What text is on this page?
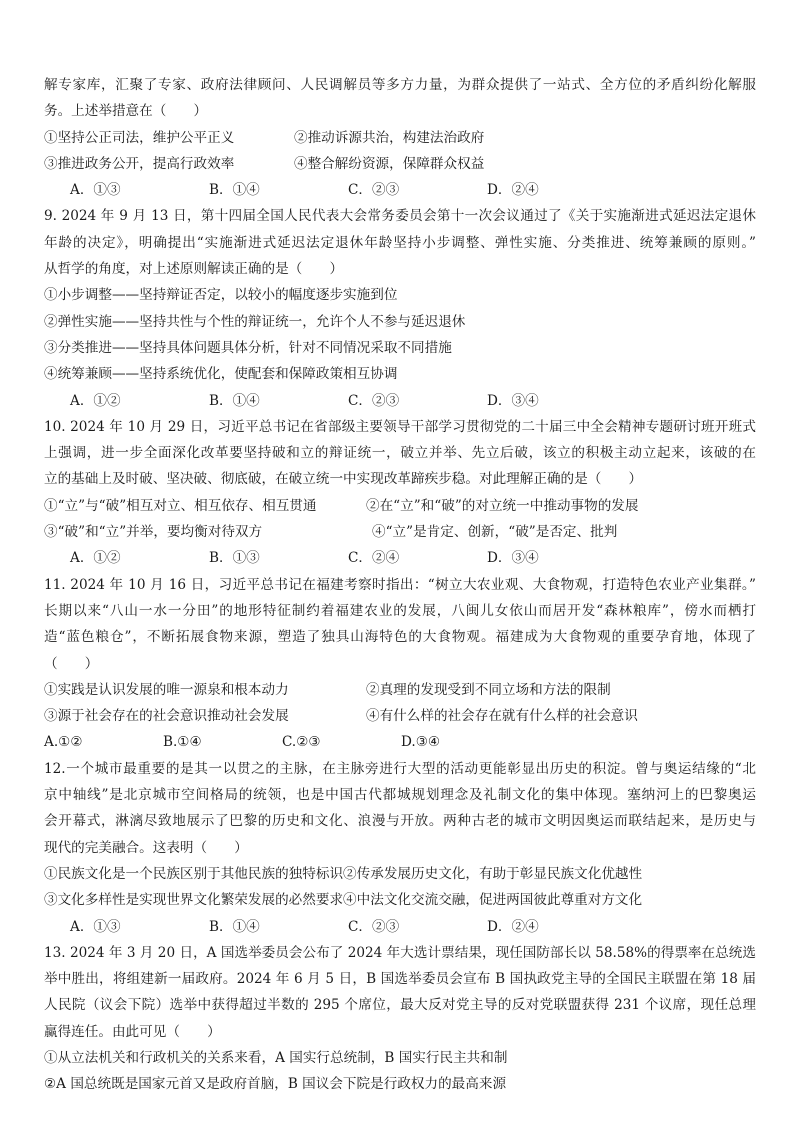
解专家库，汇聚了专家、政府法律顾问、人民调解员等多方力量，为群众提供了一站式、全方位的矛盾纠纷化解服
务。上述举措意在（　　）
①坚持公正司法，维护公平正义	②推动诉源共治，构建法治政府
③推进政务公开，提高行政效率	④整合解纷资源，保障群众权益
A．①③	B．①④	C．②③	D．②④
9. 2024 年 9 月 13 日，第十四届全国人民代表大会常务委员会第十一次会议通过了《关于实施渐进式延迟法定退休
年龄的决定》，明确提出“实施渐进式延迟法定退休年龄坚持小步调整、弹性实施、分类推进、统筹兼顾的原则。”
从哲学的角度，对上述原则解读正确的是（　　）
①小步调整——坚持辩证否定，以较小的幅度逐步实施到位
②弹性实施——坚持共性与个性的辩证统一，允许个人不参与延迟退休
③分类推进——坚持具体问题具体分析，针对不同情况采取不同措施
④统筹兼顾——坚持系统优化，使配套和保障政策相互协调
A．①②	B．①④	C．②③	D．③④
10. 2024 年 10 月 29 日，习近平总书记在省部级主要领导干部学习贯彻党的二十届三中全会精神专题研讨班开班式
上强调，进一步全面深化改革要坚持破和立的辩证统一，破立并举、先立后破，该立的积极主动立起来，该破的在
立的基础上及时破、坚决破、彻底破，在破立统一中实现改革蹄疾步稳。对此理解正确的是（　　）
①“立”与“破”相互对立、相互依存、相互贯通	②在“立”和“破”的对立统一中推动事物的发展
③“破”和“立”并举，要均衡对待双方	④“立”是肯定、创新，“破”是否定、批判
A．①②	B．①③	C．②④	D．③④
11. 2024 年 10 月 16 日，习近平总书记在福建考察时指出：“树立大农业观、大食物观，打造特色农业产业集群。”
长期以来“八山一水一分田”的地形特征制约着福建农业的发展，八闽儿女依山而居开发“森林粮库”，傍水而栖打
造“蓝色粮仓”，不断拓展食物来源，塑造了独具山海特色的大食物观。福建成为大食物观的重要孕育地，体现了
（　　）
①实践是认识发展的唯一源泉和根本动力	②真理的发现受到不同立场和方法的限制
③源于社会存在的社会意识推动社会发展	④有什么样的社会存在就有什么样的社会意识
A.①②	B.①④	C.②③	D.③④
12.一个城市最重要的是其一以贯之的主脉，在主脉旁进行大型的活动更能彰显出历史的积淀。曾与奥运结缘的“北
京中轴线”是北京城市空间格局的统领，也是中国古代都城规划理念及礼制文化的集中体现。塞纳河上的巴黎奥运
会开幕式，淋漓尽致地展示了巴黎的历史和文化、浪漫与开放。两种古老的城市文明因奥运而联结起来，是历史与
现代的完美融合。这表明（　　）
①民族文化是一个民族区别于其他民族的独特标识②传承发展历史文化，有助于彰显民族文化优越性
③文化多样性是实现世界文化繁荣发展的必然要求④中法文化交流交融，促进两国彼此尊重对方文化
A．①③	B．①④	C．②③	D．②④
13. 2024 年 3 月 20 日，A 国选举委员会公布了 2024 年大选计票结果，现任国防部长以 58.58%的得票率在总统选
举中胜出，将组建新一届政府。2024 年 6 月 5 日，B 国选举委员会宣布 B 国执政党主导的全国民主联盟在第 18 届
人民院（议会下院）选举中获得超过半数的 295 个席位，最大反对党主导的反对党联盟获得 231 个议席，现任总理
赢得连任。由此可见（　　）
①从立法机关和行政机关的关系来看，A 国实行总统制，B 国实行民主共和制
②A 国总统既是国家元首又是政府首脑，B 国议会下院是行政权力的最高来源
